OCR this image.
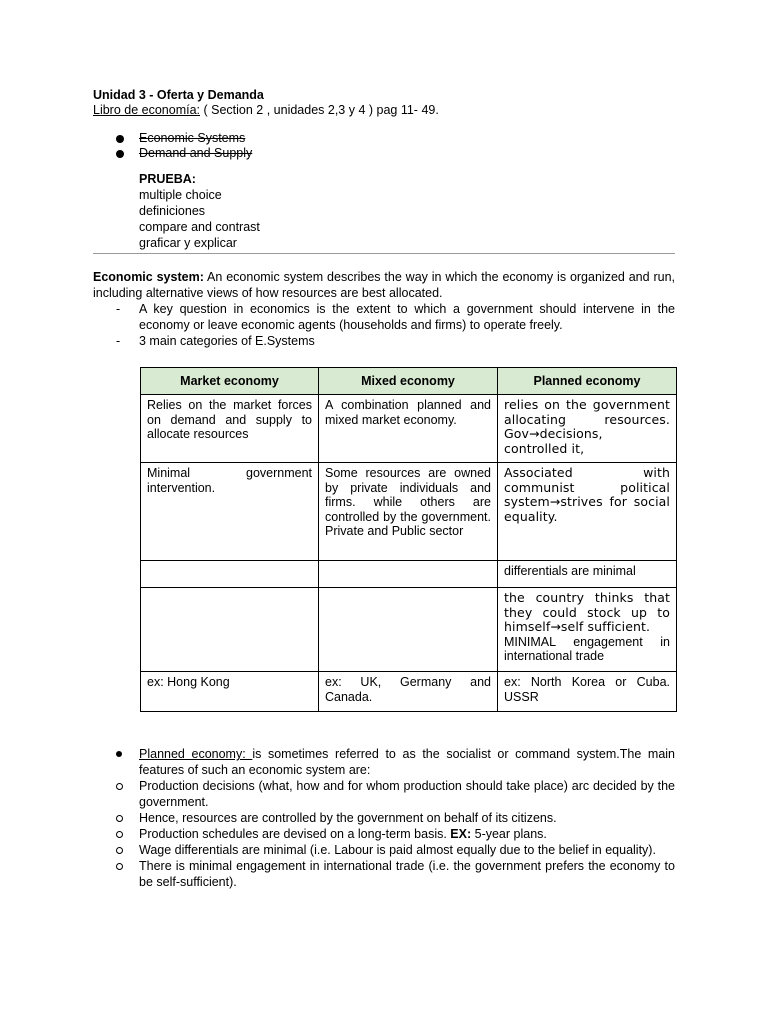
Unidad 3 - Oferta y Demanda
Libro de economía: ( Section 2 , unidades 2,3 y 4 ) pag 11- 49.
Economic Systems
Demand and Supply
PRUEBA:
multiple choice
definiciones
compare and contrast
graficar y explicar
Economic system: An economic system describes the way in which the economy is organized and run, including alternative views of how resources are best allocated.
- A key question in economics is the extent to which a government should intervene in the economy or leave economic agents (households and firms) to operate freely.
- 3 main categories of E.Systems
Market economy	Mixed economy	Planned economy
Relies on the market forces on demand and supply to allocate resources	A combination planned and mixed market economy.	relies on the government allocating resources. Gov→decisions, controlled it,
Minimal government intervention.	Some resources are owned by private individuals and firms. while others are controlled by the government. Private and Public sector	Associated with communist political system→strives for social equality.
		differentials are minimal

		the country thinks that they could stock up to himself→self sufficient.
MINIMAL engagement in international trade

ex: Hong Kong	ex: UK, Germany and Canada.	ex: North Korea or Cuba. USSR
Planned economy: is sometimes referred to as the socialist or command system.The main features of such an economic system are:
Production decisions (what, how and for whom production should take place) arc decided by the government.
Hence, resources are controlled by the government on behalf of its citizens.
Production schedules are devised on a long-term basis. EX: 5-year plans.
Wage differentials are minimal (i.e. Labour is paid almost equally due to the belief in equality).
There is minimal engagement in international trade (i.e. the government prefers the economy to be self-sufficient).
